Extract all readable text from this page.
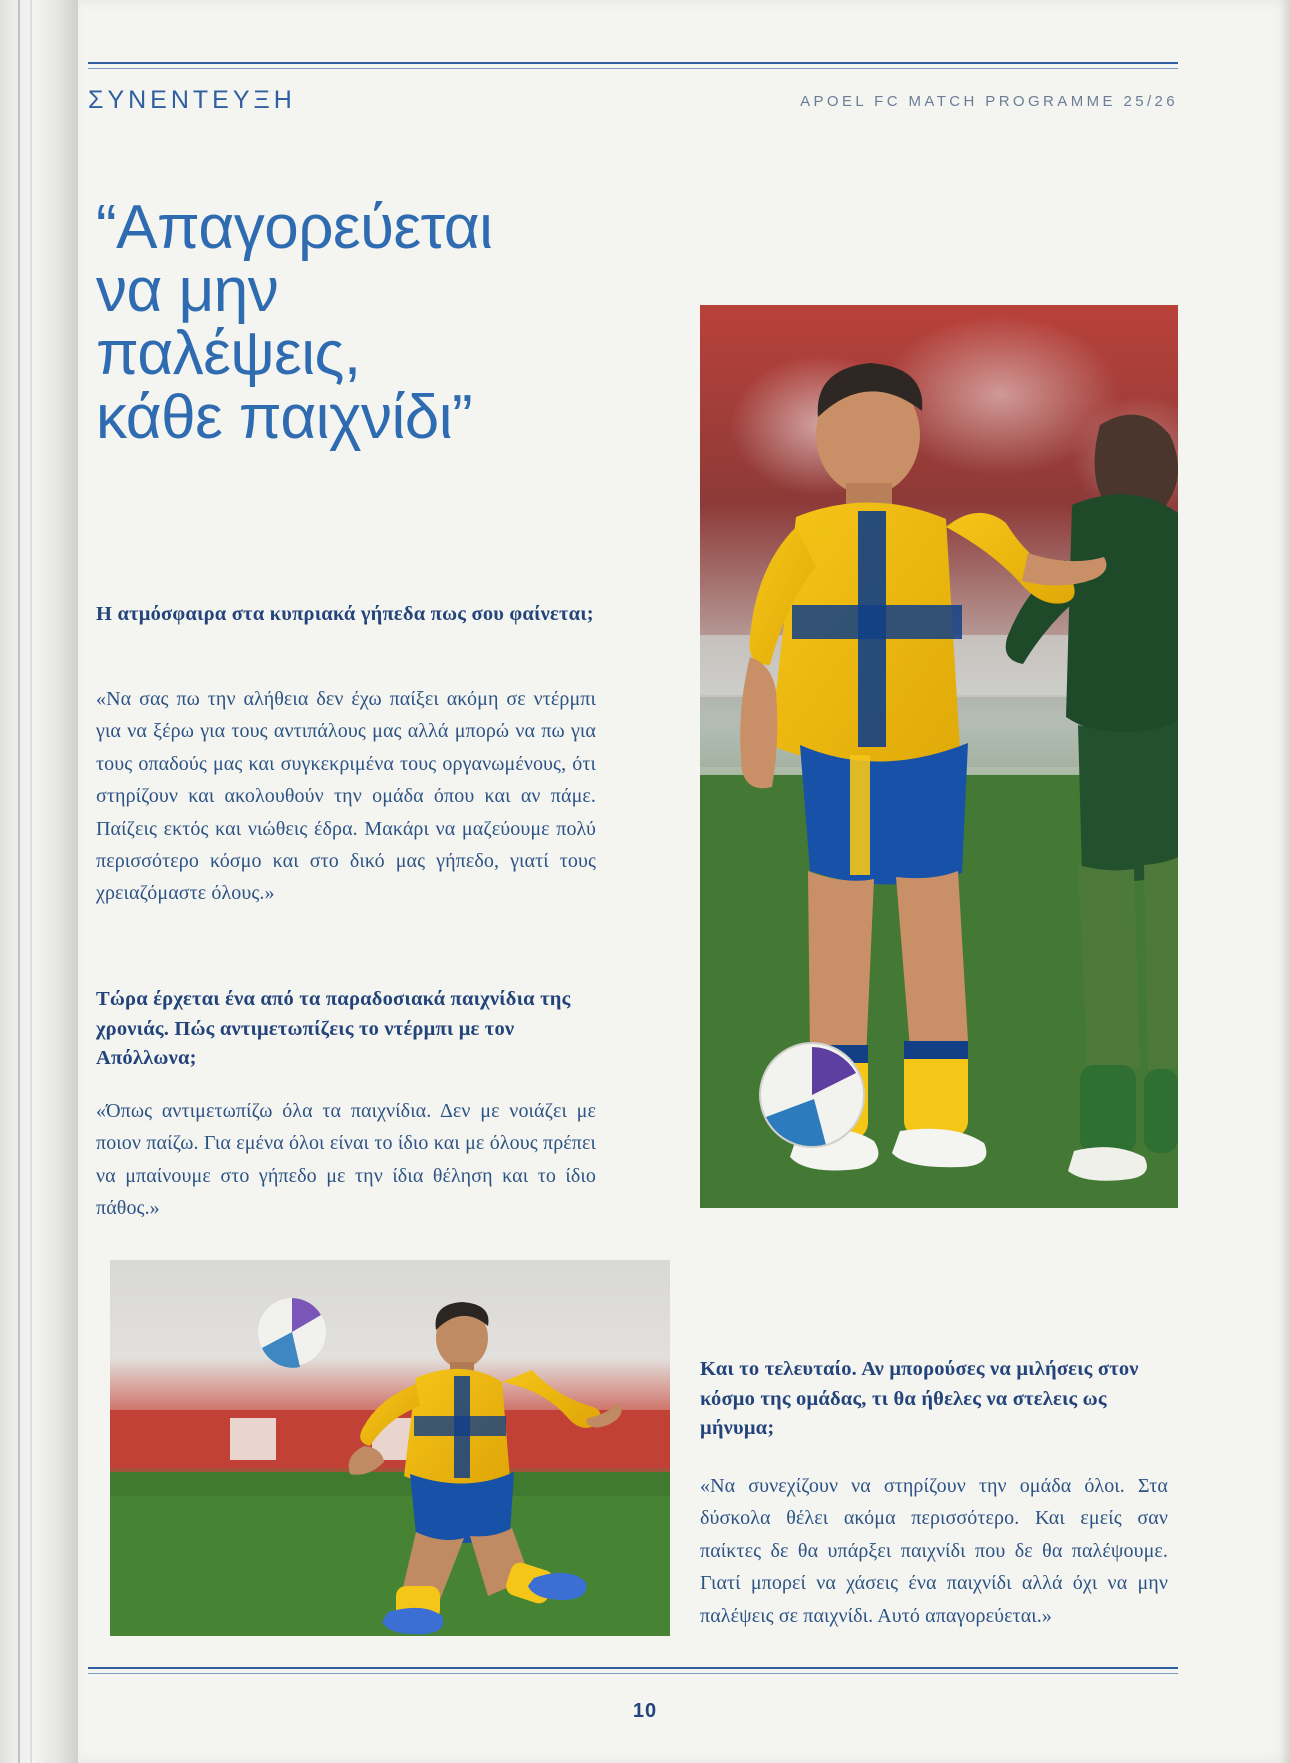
ΣΥΝΕΝΤΕΥΞΗ	APOEL FC MATCH PROGRAMME 25/26
“Απαγορεύεται
να μην
παλέψεις,
κάθε παιχνίδι”
Η ατμόσφαιρα στα κυπριακά γήπεδα πως σου φαίνεται;
«Να σας πω την αλήθεια δεν έχω παίξει ακόμη σε ντέρμπι για να ξέρω για τους αντιπάλους μας αλλά μπορώ να πω για τους οπαδούς μας και συγκεκριμένα τους οργανωμένους, ότι στηρίζουν και ακολουθούν την ομάδα όπου και αν πάμε. Παίζεις εκτός και νιώθεις έδρα. Μακάρι να μαζεύουμε πολύ περισσότερο κόσμο και στο δικό μας γήπεδο, γιατί τους χρειαζόμαστε όλους.»
Τώρα έρχεται ένα από τα παραδοσιακά παιχνίδια της χρονιάς. Πώς αντιμετωπίζεις το ντέρμπι με τον Απόλλωνα;
«Όπως αντιμετωπίζω όλα τα παιχνίδια. Δεν με νοιάζει με ποιον παίζω. Για εμένα όλοι είναι το ίδιο και με όλους πρέπει να μπαίνουμε στο γήπεδο με την ίδια θέληση και το ίδιο πάθος.»
Και το τελευταίο. Αν μπορούσες να μιλήσεις στον κόσμο της ομάδας, τι θα ήθελες να στελεις ως μήνυμα;
«Να συνεχίζουν να στηρίζουν την ομάδα όλοι. Στα δύσκολα θέλει ακόμα περισσότερο. Και εμείς σαν παίκτες δε θα υπάρξει παιχνίδι που δε θα παλέψουμε. Γιατί μπορεί να χάσεις ένα παιχνίδι αλλά όχι να μην παλέψεις σε παιχνίδι. Αυτό απαγορεύεται.»
10
